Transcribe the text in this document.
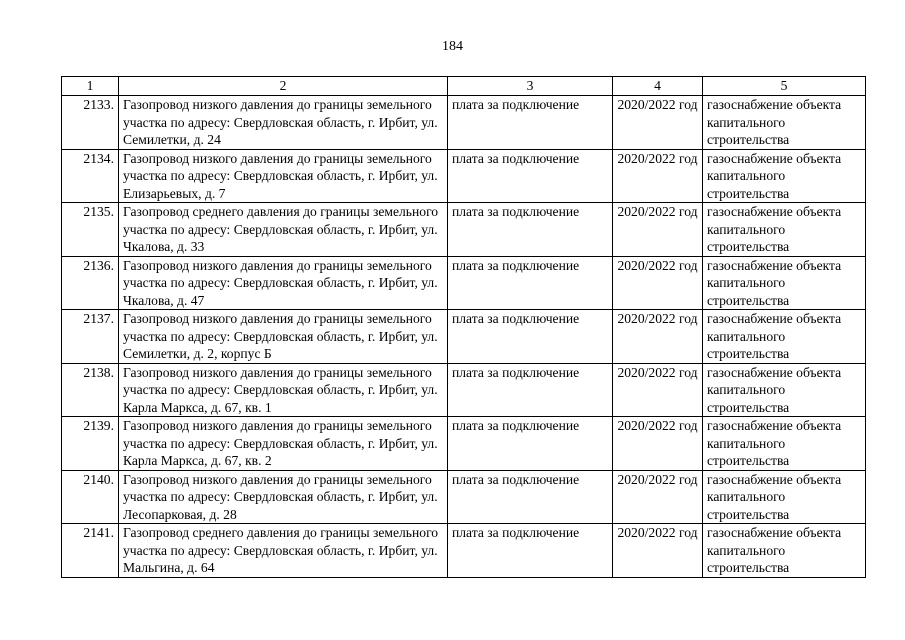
184
1	2	3	4	5
2133.	Газопровод низкого давления до границы земельного участка по адресу: Свердловская область, г. Ирбит, ул. Семилетки, д. 24	плата за подключение	2020/2022 год	газоснабжение объекта капитального строительства
2134.	Газопровод низкого давления до границы земельного участка по адресу: Свердловская область, г. Ирбит, ул. Елизарьевых, д. 7	плата за подключение	2020/2022 год	газоснабжение объекта капитального строительства
2135.	Газопровод среднего давления до границы земельного участка по адресу: Свердловская область, г. Ирбит, ул. Чкалова, д. 33	плата за подключение	2020/2022 год	газоснабжение объекта капитального строительства
2136.	Газопровод низкого давления до границы земельного участка по адресу: Свердловская область, г. Ирбит, ул. Чкалова, д. 47	плата за подключение	2020/2022 год	газоснабжение объекта капитального строительства
2137.	Газопровод низкого давления до границы земельного участка по адресу: Свердловская область, г. Ирбит, ул. Семилетки, д. 2, корпус Б	плата за подключение	2020/2022 год	газоснабжение объекта капитального строительства
2138.	Газопровод низкого давления до границы земельного участка по адресу: Свердловская область, г. Ирбит, ул. Карла Маркса, д. 67, кв. 1	плата за подключение	2020/2022 год	газоснабжение объекта капитального строительства
2139.	Газопровод низкого давления до границы земельного участка по адресу: Свердловская область, г. Ирбит, ул. Карла Маркса, д. 67, кв. 2	плата за подключение	2020/2022 год	газоснабжение объекта капитального строительства
2140.	Газопровод низкого давления до границы земельного участка по адресу: Свердловская область, г. Ирбит, ул. Лесопарковая, д. 28	плата за подключение	2020/2022 год	газоснабжение объекта капитального строительства
2141.	Газопровод среднего давления до границы земельного участка по адресу: Свердловская область, г. Ирбит, ул. Мальгина, д. 64	плата за подключение	2020/2022 год	газоснабжение объекта капитального строительства
